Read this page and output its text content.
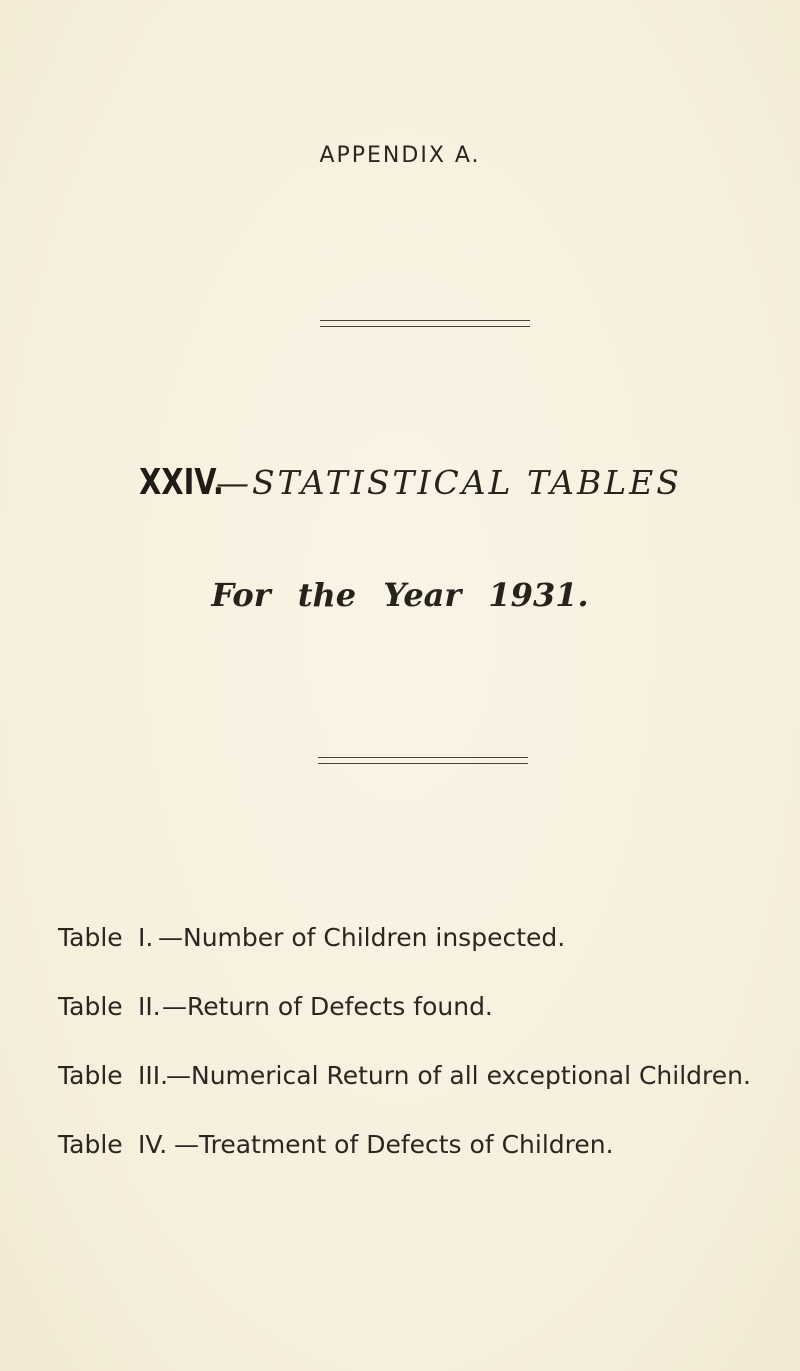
APPENDIX A.
XXIV.—STATISTICAL TABLES
For the Year 1931.
Table I. —Number of Children inspected.
Table II. —Return of Defects found.
Table III.
—Numerical Return of all exceptional Children.
Table IV. —Treatment of Defects of Children.
